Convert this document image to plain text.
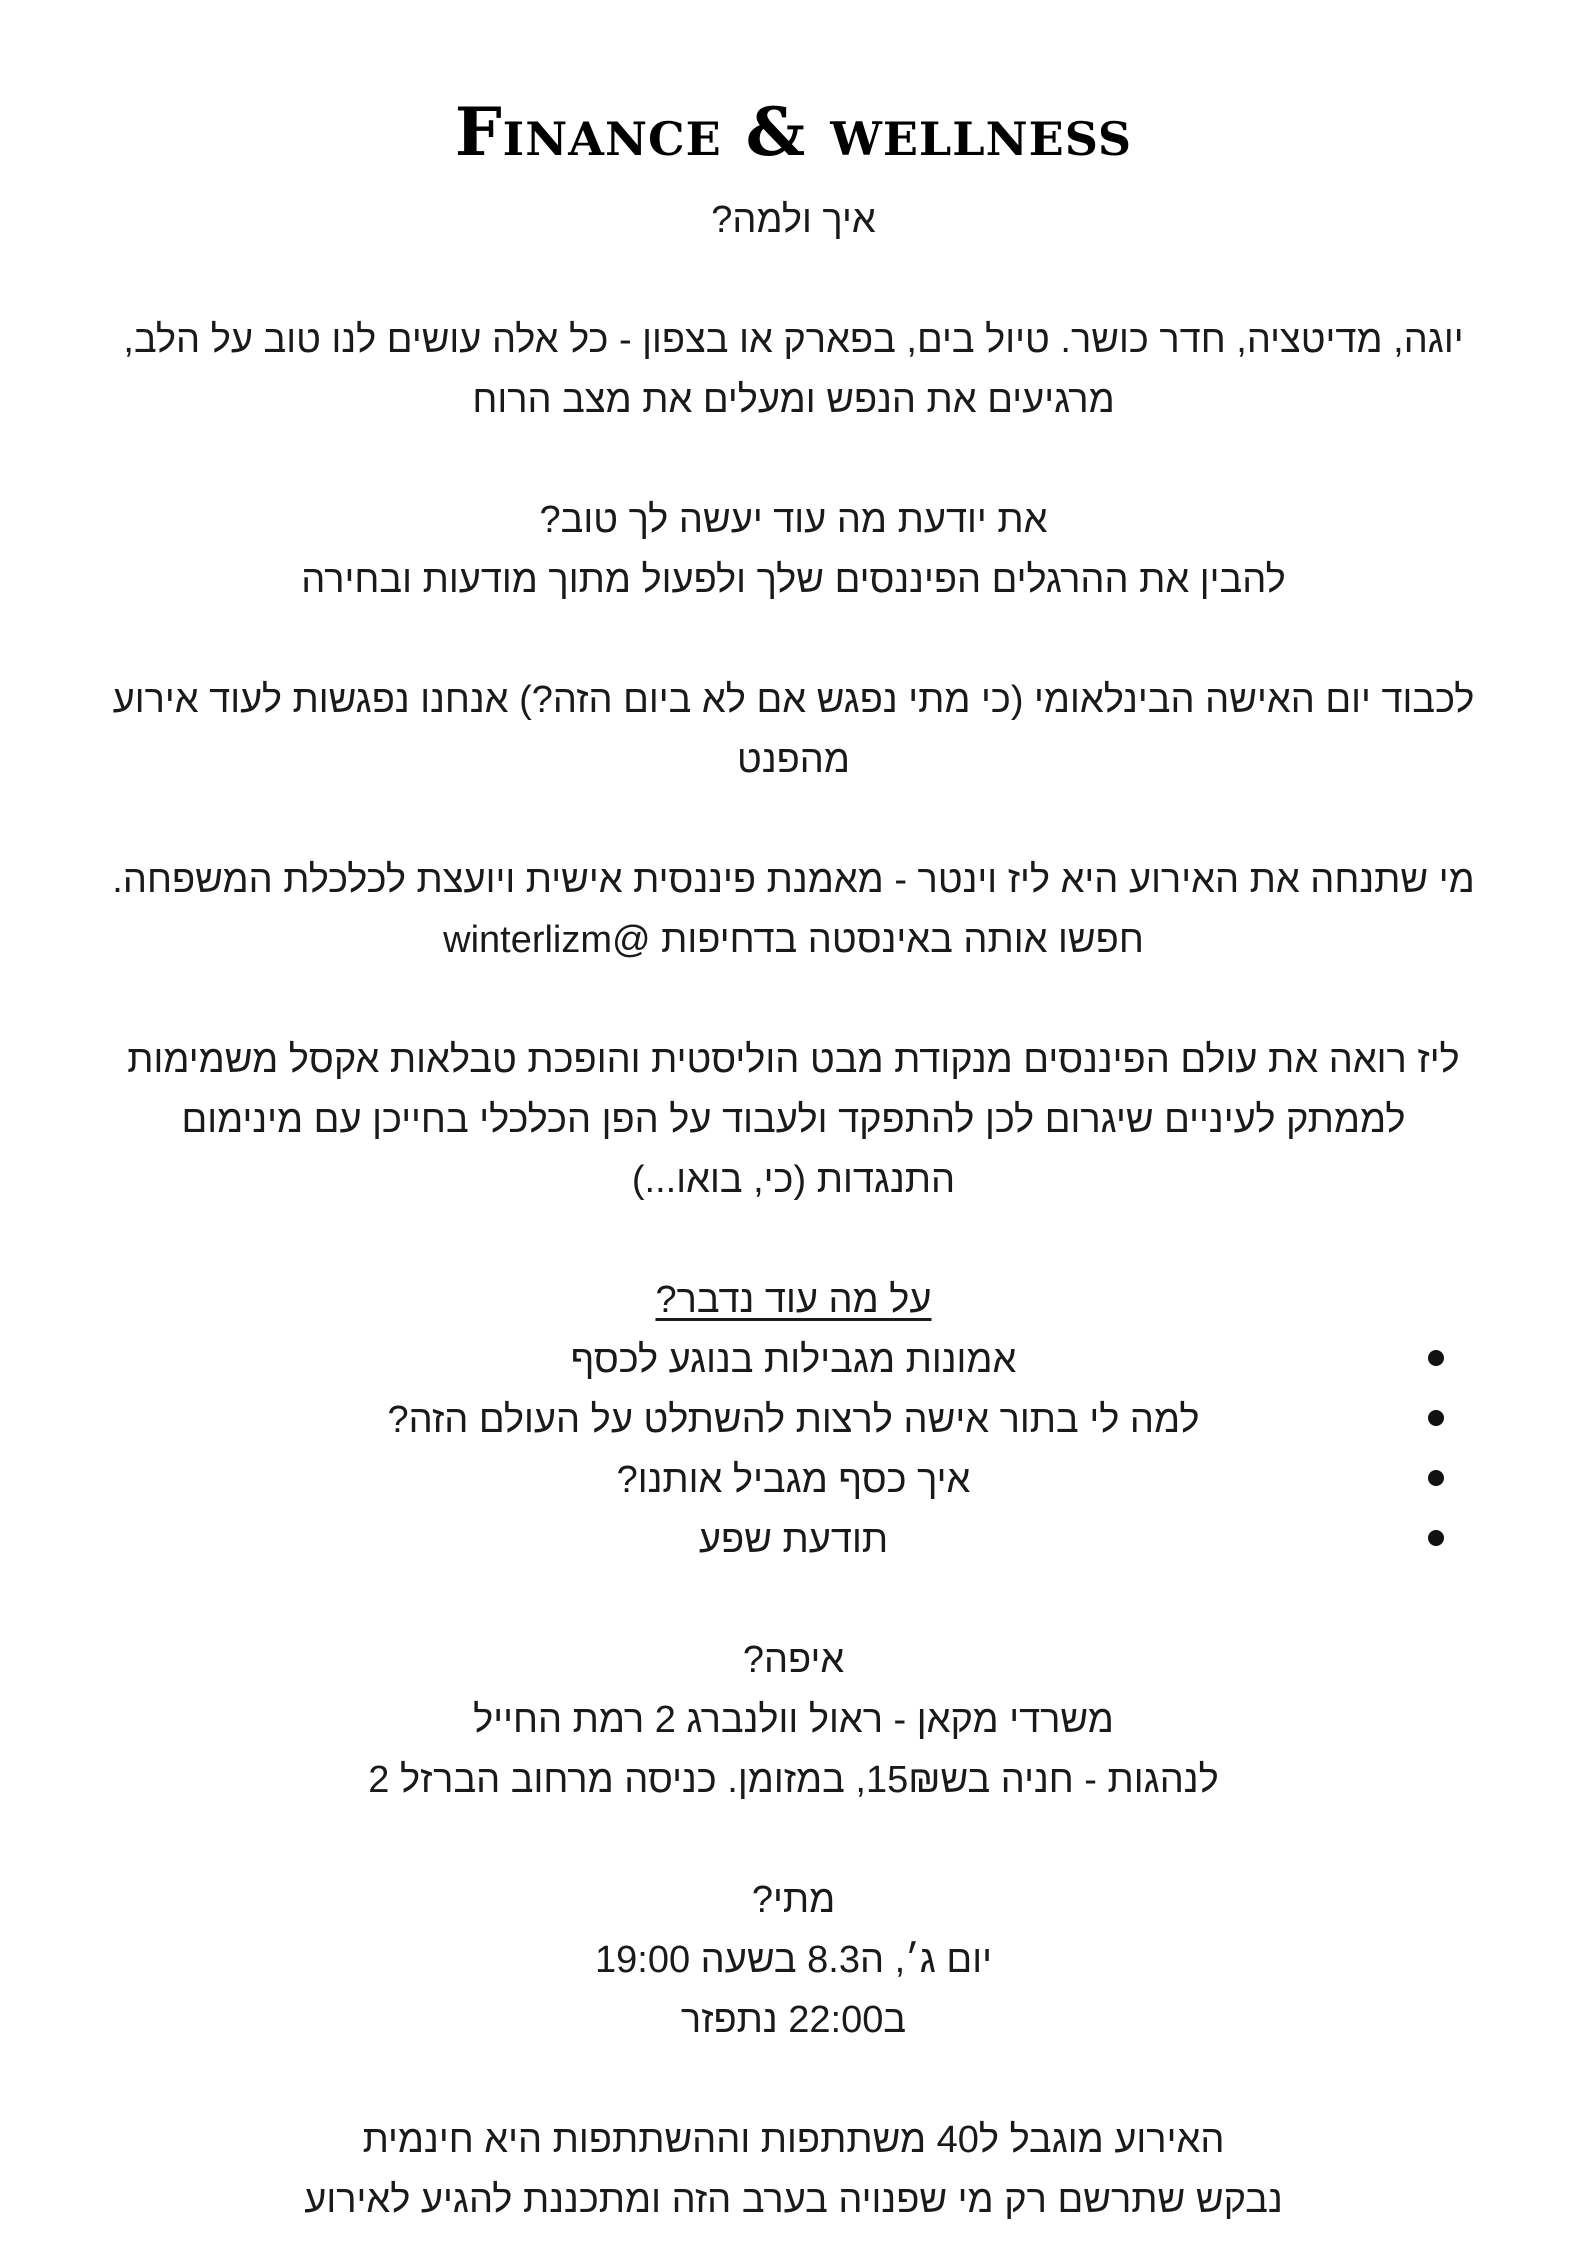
Finance & wellness
איך ולמה?
יוגה, מדיטציה, חדר כושר. טיול בים, בפארק או בצפון - כל אלה עושים לנו טוב על הלב,
מרגיעים את הנפש ומעלים את מצב הרוח
את יודעת מה עוד יעשה לך טוב?
להבין את ההרגלים הפיננסים שלך ולפעול מתוך מודעות ובחירה
לכבוד יום האישה הבינלאומי (כי מתי נפגש אם לא ביום הזה?) אנחנו נפגשות לעוד אירוע
מהפנט
מי שתנחה את האירוע היא ליז וינטר - מאמנת פיננסית אישית ויועצת לכלכלת המשפחה.
חפשו אותה באינסטה בדחיפות @winterlizm
ליז רואה את עולם הפיננסים מנקודת מבט הוליסטית והופכת טבלאות אקסל משמימות
לממתק לעיניים שיגרום לכן להתפקד ולעבוד על הפן הכלכלי בחייכן עם מינימום
התנגדות (כי, בואו...)
על מה עוד נדבר?
אמונות מגבילות בנוגע לכסף
למה לי בתור אישה לרצות להשתלט על העולם הזה?
איך כסף מגביל אותנו?
תודעת שפע
איפה?
משרדי מקאן - ראול וולנברג 2 רמת החייל
לנהגות - חניה בש15₪, במזומן. כניסה מרחוב הברזל 2
מתי?
יום ג׳, ה8.3 בשעה 19:00
ב22:00 נתפזר
האירוע מוגבל ל40 משתתפות וההשתתפות היא חינמית
נבקש שתרשם רק מי שפנויה בערב הזה ומתכננת להגיע לאירוע
